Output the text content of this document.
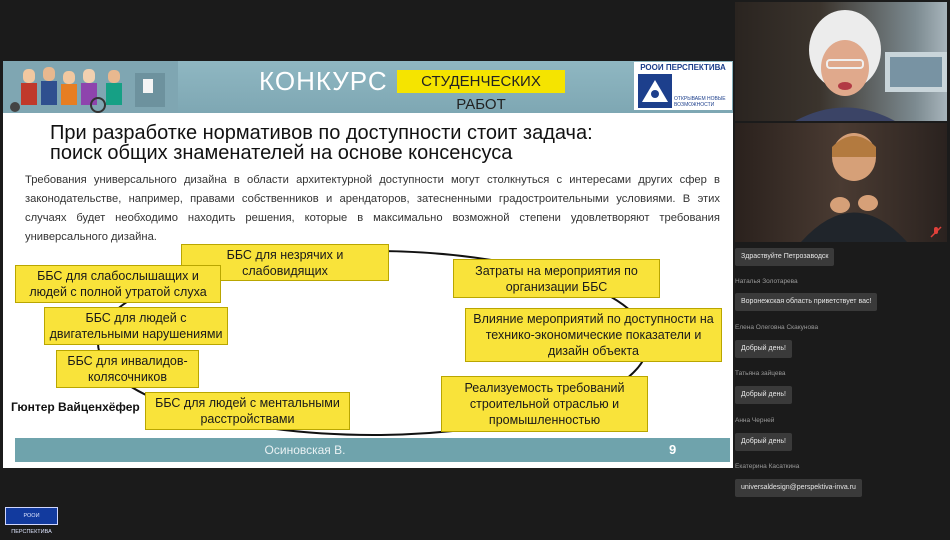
КОНКУРС	СТУДЕНЧЕСКИХ РАБОТ
РООИ ПЕРСПЕКТИВА
ОТКРЫВАЕМ НОВЫЕ ВОЗМОЖНОСТИ
При разработке нормативов по доступности стоит задача:
поиск общих знаменателей на основе консенсуса
Требования универсального дизайна в области архитектурной доступности могут столкнуться с интересами других сфер в законодательстве, например, правами собственников и арендаторов, затесненными градостроительными условиями. В этих случаях будет необходимо находить решения, которые в максимально возможной степени удовлетворяют требования универсального дизайна.
ББС для незрячих и слабовидящих
ББС для слабослышащих и людей с полной утратой слуха
ББС для людей с двигательными нарушениями
ББС для инвалидов-колясочников
ББС для людей с ментальными расстройствами
Затраты на мероприятия по организации ББС
Влияние мероприятий по доступности на технико-экономические показатели и дизайн объекта
Реализуемость требований строительной отраслью и промышленностью
Гюнтер Вайценхёфер
Осиновская В.	9
Здраствуйте Петрозаводск
Наталья Золотарева
Воронежская область приветствует вас!
Елена Олеговна Скакунова
Добрый день!
Татьяна зайцева
Добрый день!
Анна Черней
Добрый день!
Екатерина Касаткина
universaldesign@perspektiva-inva.ru
РООИ ПЕРСПЕКТИВА
